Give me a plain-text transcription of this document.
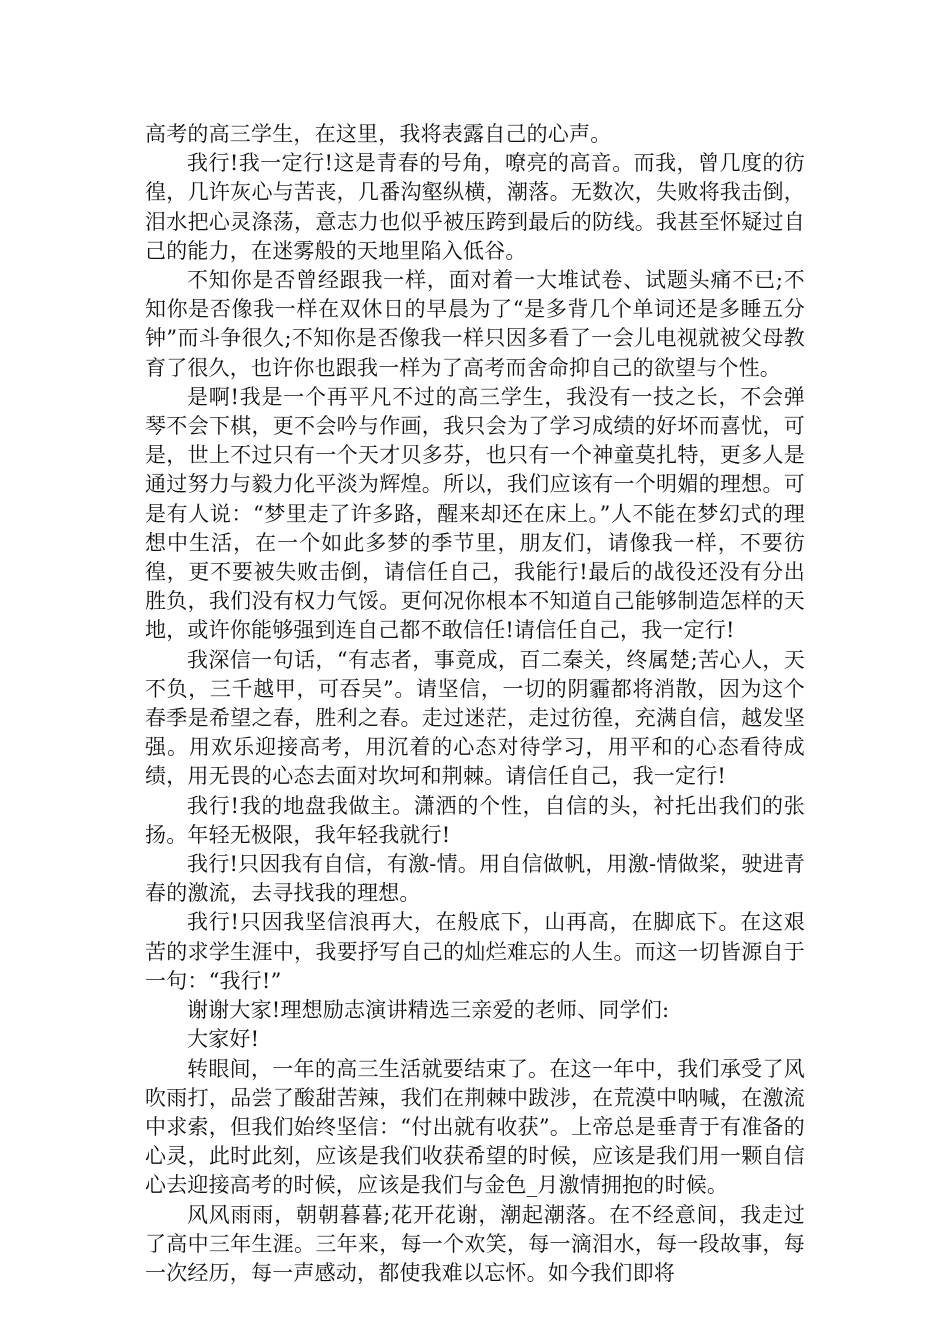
高考的高三学生，在这里，我将表露自己的心声。

我行!我一定行!这是青春的号角，嘹亮的高音。而我，曾几度的彷徨，几许灰心与苦丧，几番沟壑纵横，潮落。无数次，失败将我击倒，泪水把心灵涤荡，意志力也似乎被压跨到最后的防线。我甚至怀疑过自己的能力，在迷雾般的天地里陷入低谷。

不知你是否曾经跟我一样，面对着一大堆试卷、试题头痛不已;不知你是否像我一样在双休日的早晨为了“是多背几个单词还是多睡五分钟”而斗争很久;不知你是否像我一样只因多看了一会儿电视就被父母教育了很久，也许你也跟我一样为了高考而舍命抑自己的欲望与个性。

是啊!我是一个再平凡不过的高三学生，我没有一技之长，不会弹琴不会下棋，更不会吟与作画，我只会为了学习成绩的好坏而喜忧，可是，世上不过只有一个天才贝多芬，也只有一个神童莫扎特，更多人是通过努力与毅力化平淡为辉煌。所以，我们应该有一个明媚的理想。可是有人说：“梦里走了许多路，醒来却还在床上。”人不能在梦幻式的理想中生活，在一个如此多梦的季节里，朋友们，请像我一样，不要彷徨，更不要被失败击倒，请信任自己，我能行!最后的战役还没有分出胜负，我们没有权力气馁。更何况你根本不知道自己能够制造怎样的天地，或许你能够强到连自己都不敢信任!请信任自己，我一定行!

我深信一句话，“有志者，事竟成，百二秦关，终属楚;苦心人，天不负，三千越甲，可吞吴”。请坚信，一切的阴霾都将消散，因为这个春季是希望之春，胜利之春。走过迷茫，走过彷徨，充满自信，越发坚强。用欢乐迎接高考，用沉着的心态对待学习，用平和的心态看待成绩，用无畏的心态去面对坎坷和荆棘。请信任自己，我一定行!

我行!我的地盘我做主。潇洒的个性，自信的头，衬托出我们的张扬。年轻无极限，我年轻我就行!

我行!只因我有自信，有激-情。用自信做帆，用激-情做桨，驶进青春的激流，去寻找我的理想。

我行!只因我坚信浪再大，在般底下，山再高，在脚底下。在这艰苦的求学生涯中，我要抒写自己的灿烂难忘的人生。而这一切皆源自于一句：“我行!”

谢谢大家!理想励志演讲精选三亲爱的老师、同学们:

大家好!

转眼间，一年的高三生活就要结束了。在这一年中，我们承受了风吹雨打，品尝了酸甜苦辣，我们在荆棘中跋涉，在荒漠中呐喊，在激流中求索，但我们始终坚信：“付出就有收获”。上帝总是垂青于有准备的心灵，此时此刻，应该是我们收获希望的时候，应该是我们用一颗自信心去迎接高考的时候，应该是我们与金色_月激情拥抱的时候。

风风雨雨，朝朝暮暮;花开花谢，潮起潮落。在不经意间，我走过了高中三年生涯。三年来，每一个欢笑，每一滴泪水，每一段故事，每一次经历，每一声感动，都使我难以忘怀。如今我们即将
